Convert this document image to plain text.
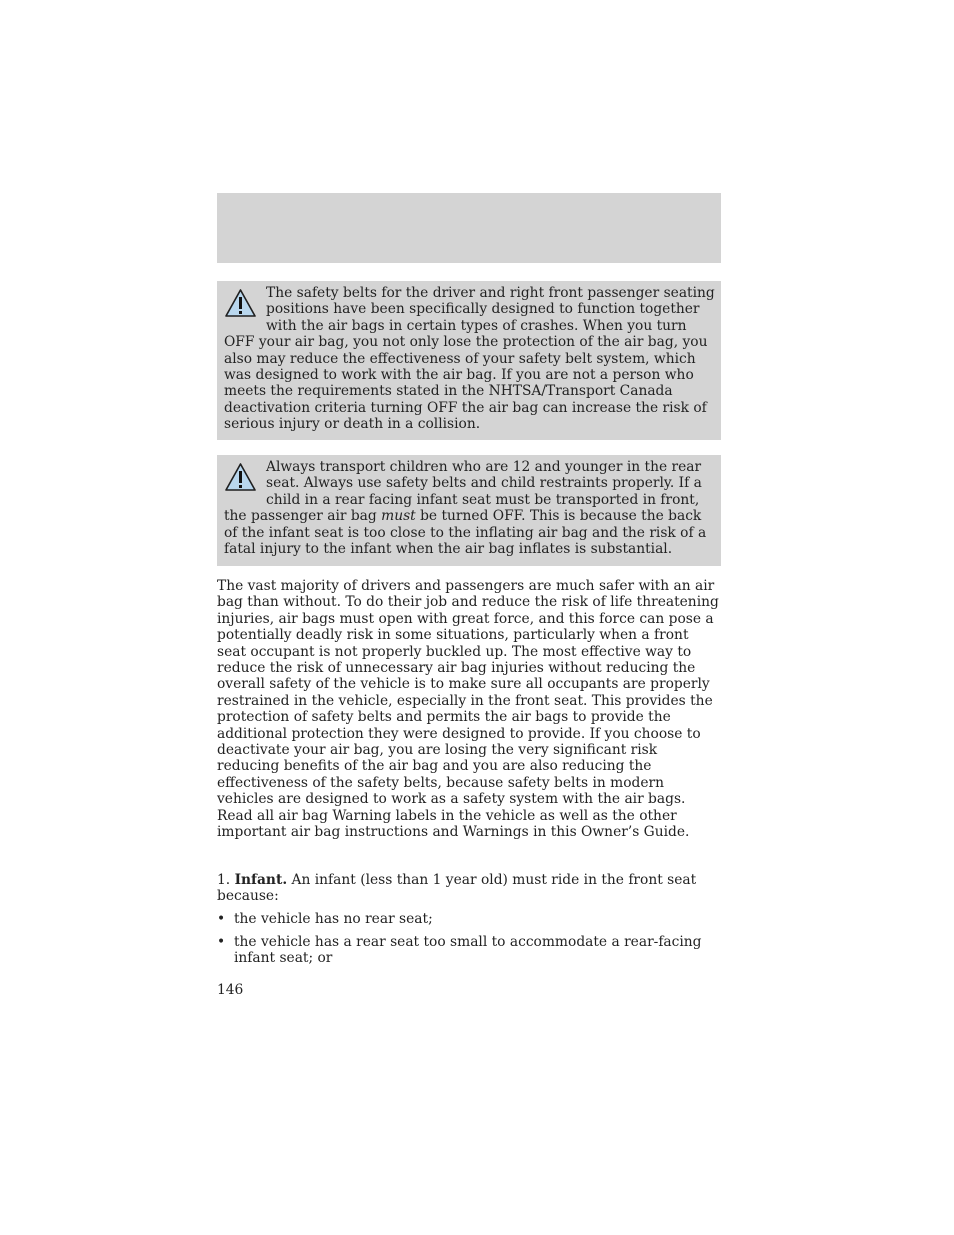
The safety belts for the driver and right front passenger seating positions have been specifically designed to function together with the air bags in certain types of crashes. When you turn OFF your air bag, you not only lose the protection of the air bag, you also may reduce the effectiveness of your safety belt system, which was designed to work with the air bag. If you are not a person who meets the requirements stated in the NHTSA/Transport Canada deactivation criteria turning OFF the air bag can increase the risk of serious injury or death in a collision.

Always transport children who are 12 and younger in the rear seat. Always use safety belts and child restraints properly. If a child in a rear facing infant seat must be transported in front, the passenger air bag must be turned OFF. This is because the back of the infant seat is too close to the inflating air bag and the risk of a fatal injury to the infant when the air bag inflates is substantial.

The vast majority of drivers and passengers are much safer with an air bag than without. To do their job and reduce the risk of life threatening injuries, air bags must open with great force, and this force can pose a potentially deadly risk in some situations, particularly when a front seat occupant is not properly buckled up. The most effective way to reduce the risk of unnecessary air bag injuries without reducing the overall safety of the vehicle is to make sure all occupants are properly restrained in the vehicle, especially in the front seat. This provides the protection of safety belts and permits the air bags to provide the additional protection they were designed to provide. If you choose to deactivate your air bag, you are losing the very significant risk reducing benefits of the air bag and you are also reducing the effectiveness of the safety belts, because safety belts in modern vehicles are designed to work as a safety system with the air bags.

Read all air bag Warning labels in the vehicle as well as the other important air bag instructions and Warnings in this Owner’s Guide.

1. Infant. An infant (less than 1 year old) must ride in the front seat because:

• the vehicle has no rear seat;
• the vehicle has a rear seat too small to accommodate a rear-facing infant seat; or
146
